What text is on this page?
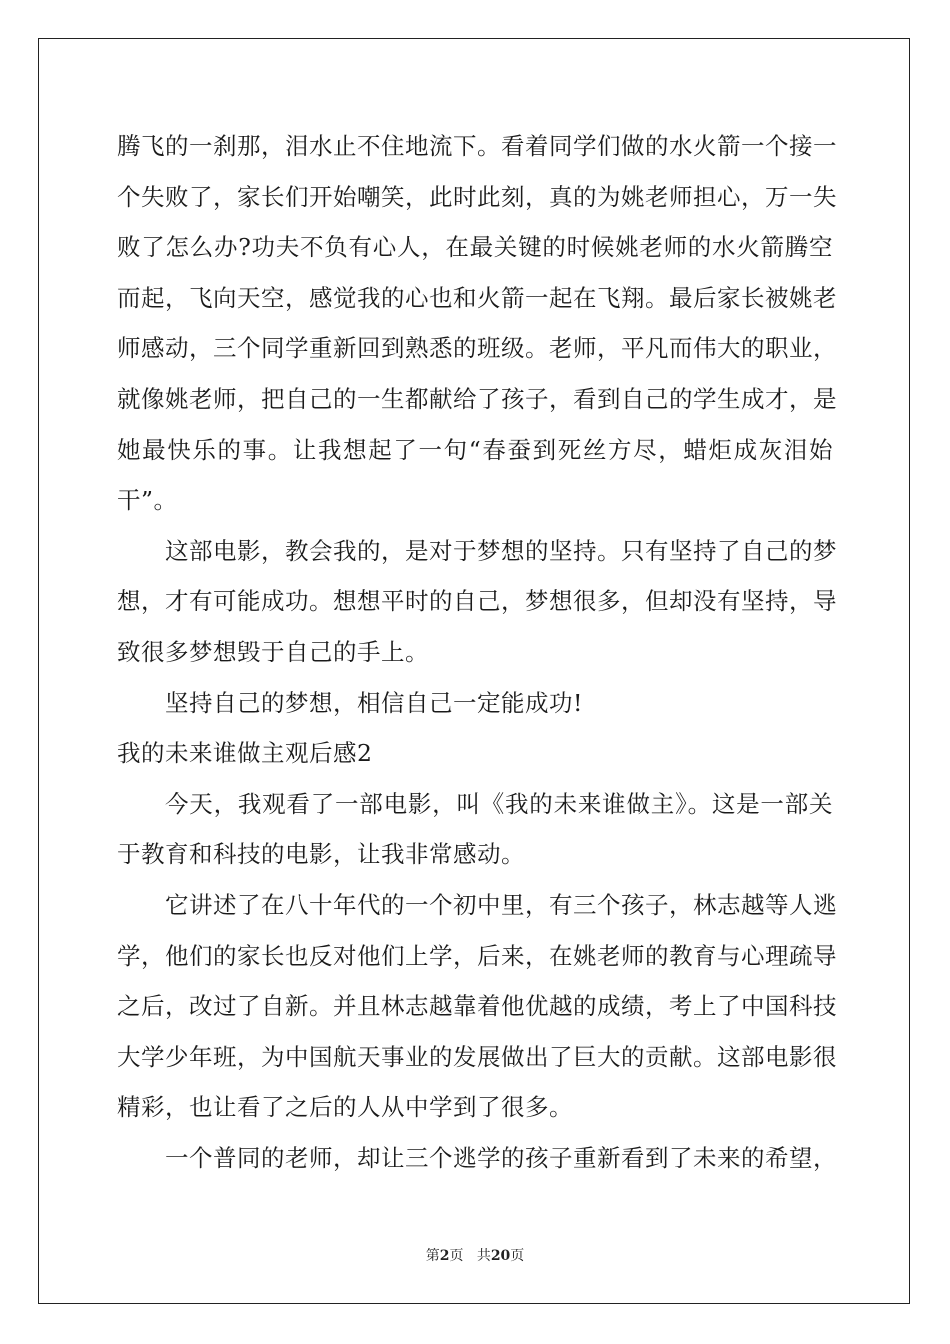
腾飞的一刹那，泪水止不住地流下。看着同学们做的水火箭一个接一
个失败了，家长们开始嘲笑，此时此刻，真的为姚老师担心，万一失
败了怎么办?功夫不负有心人，在最关键的时候姚老师的水火箭腾空
而起，飞向天空，感觉我的心也和火箭一起在飞翔。最后家长被姚老
师感动，三个同学重新回到熟悉的班级。老师，平凡而伟大的职业，
就像姚老师，把自己的一生都献给了孩子，看到自己的学生成才，是
她最快乐的事。让我想起了一句“春蚕到死丝方尽，蜡炬成灰泪始
干”。
这部电影，教会我的，是对于梦想的坚持。只有坚持了自己的梦
想，才有可能成功。想想平时的自己，梦想很多，但却没有坚持，导
致很多梦想毁于自己的手上。
坚持自己的梦想，相信自己一定能成功!
我的未来谁做主观后感2
今天，我观看了一部电影，叫《我的未来谁做主》。这是一部关
于教育和科技的电影，让我非常感动。
它讲述了在八十年代的一个初中里，有三个孩子，林志越等人逃
学，他们的家长也反对他们上学，后来，在姚老师的教育与心理疏导
之后，改过了自新。并且林志越靠着他优越的成绩，考上了中国科技
大学少年班，为中国航天事业的发展做出了巨大的贡献。这部电影很
精彩，也让看了之后的人从中学到了很多。
一个普同的老师，却让三个逃学的孩子重新看到了未来的希望，
第2页 共20页
